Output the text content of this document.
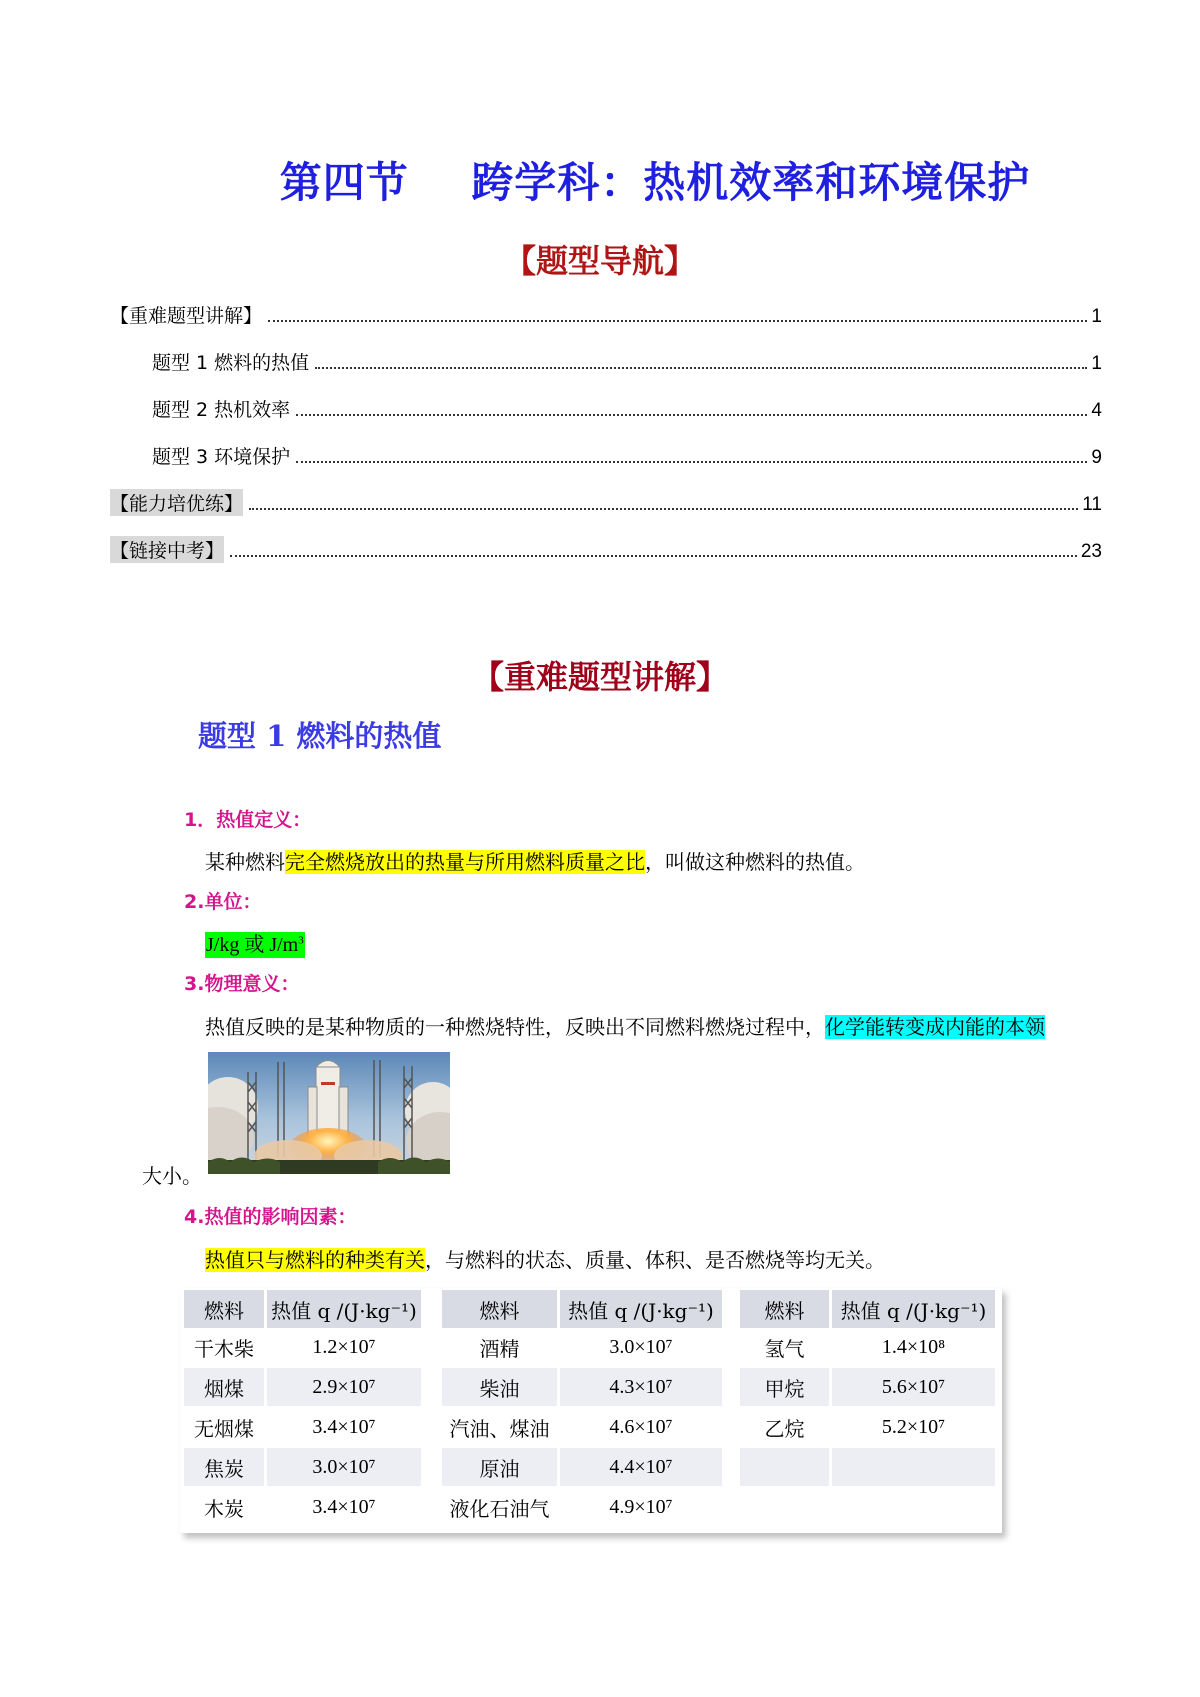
第四节    跨学科：热机效率和环境保护
【题型导航】
【重难题型讲解】	1
题型 1 燃料的热值	1
题型 2 热机效率	4
题型 3 环境保护	9
【能力培优练】	11
【链接中考】	23
【重难题型讲解】
题型 1 燃料的热值
1．热值定义：
某种燃料完全燃烧放出的热量与所用燃料质量之比，叫做这种燃料的热值。
2.单位：
J/kg 或 $J/m^3$
3.物理意义：
热值反映的是某种物质的一种燃烧特性，反映出不同燃料燃烧过程中，化学能转变成内能的本领
大小。
4.热值的影响因素：
热值只与燃料的种类有关，与燃料的状态、质量、体积、是否燃烧等均无关。
燃料	热值 q /(J·kg⁻¹)
干木柴	1.2×10⁷
烟煤	2.9×10⁷
无烟煤	3.4×10⁷
焦炭	3.0×10⁷
木炭	3.4×10⁷
燃料	热值 q /(J·kg⁻¹)
酒精	3.0×10⁷
柴油	4.3×10⁷
汽油、煤油	4.6×10⁷
原油	4.4×10⁷
液化石油气	4.9×10⁷
燃料	热值 q /(J·kg⁻¹)
氢气	1.4×10⁸
甲烷	5.6×10⁷
乙烷	5.2×10⁷
